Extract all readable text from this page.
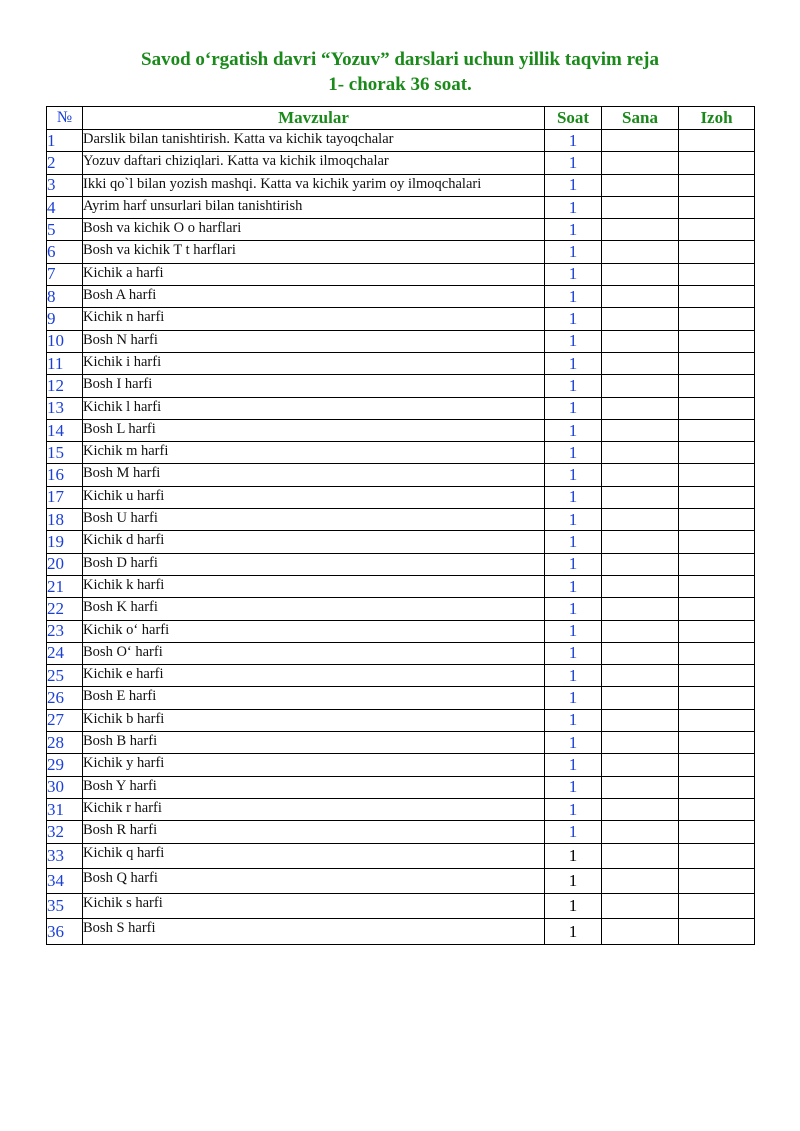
Savod o‘rgatish davri “Yozuv” darslari uchun yillik taqvim reja
1- chorak 36 soat.
№	Mavzular	Soat	Sana	Izoh
1	Darslik bilan tanishtirish. Katta va kichik tayoqchalar	1		
2	Yozuv daftari chiziqlari. Katta va kichik ilmoqchalar	1		
3	Ikki qo`l bilan yozish mashqi. Katta va kichik yarim oy ilmoqchalari	1		
4	Ayrim harf unsurlari bilan tanishtirish	1		
5	Bosh va kichik O o harflari	1		
6	Bosh va kichik T t harflari	1		
7	Kichik a harfi	1		
8	Bosh A harfi	1		
9	Kichik n harfi	1		
10	Bosh N harfi	1		
11	Kichik i harfi	1		
12	Bosh I harfi	1		
13	Kichik l harfi	1		
14	Bosh L harfi	1		
15	Kichik m harfi	1		
16	Bosh M harfi	1		
17	Kichik u harfi	1		
18	Bosh U harfi	1		
19	Kichik d harfi	1		
20	Bosh D harfi	1		
21	Kichik k harfi	1		
22	Bosh K harfi	1		
23	Kichik o‘ harfi	1		
24	Bosh O‘ harfi	1		
25	Kichik e harfi	1		
26	Bosh E harfi	1		
27	Kichik b harfi	1		
28	Bosh B harfi	1		
29	Kichik y harfi	1		
30	Bosh Y harfi	1		
31	Kichik r harfi	1		
32	Bosh R harfi	1		
33	Kichik q harfi	1		
34	Bosh Q harfi	1		
35	Kichik s harfi	1		
36	Bosh S harfi	1		
